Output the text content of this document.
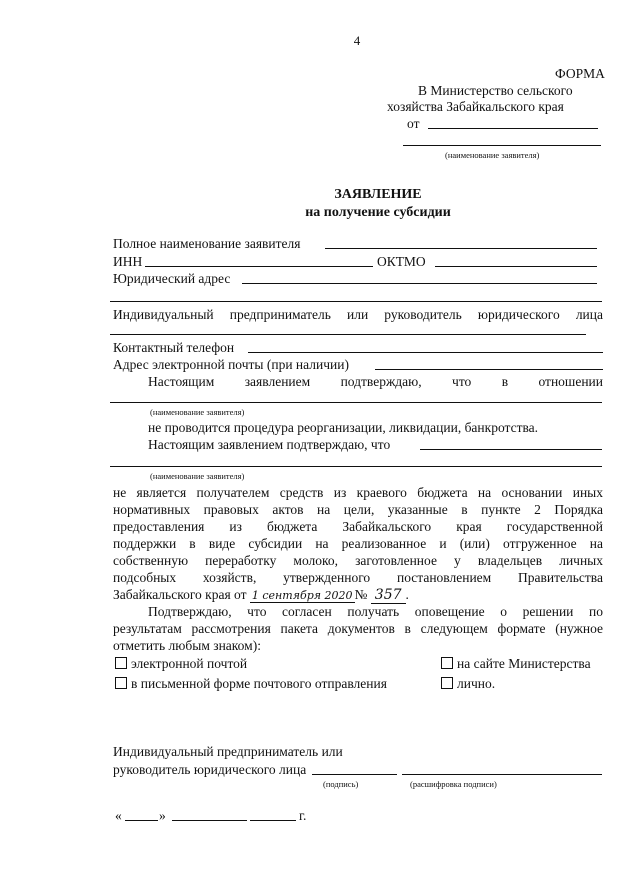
4
ФОРМА
В Министерство сельского
хозяйства Забайкальского края
от
(наименование заявителя)
ЗАЯВЛЕНИЕ
на получение субсидии
Полное наименование заявителя
ИНН	ОКТМО
Юридический адрес
Индивидуальный предприниматель или руководитель юридического лица
Контактный телефон
Адрес электронной почты (при наличии)
Настоящим заявлением подтверждаю, что в отношении
(наименование заявителя)
не проводится процедура реорганизации, ликвидации, банкротства.
Настоящим заявлением подтверждаю, что
(наименование заявителя)
не является получателем средств из краевого бюджета на основании иных
нормативных правовых актов на цели, указанные в пункте 2 Порядка
предоставления из бюджета Забайкальского края государственной
поддержки в виде субсидии на реализованное и (или) отгруженное на
собственную переработку молоко, заготовленное у владельцев личных
подсобных хозяйств, утвержденного постановлением Правительства
Забайкальского края от 1 сентября 2020 № 357 .
Подтверждаю, что согласен получать оповещение о решении по
результатам рассмотрения пакета документов в следующем формате (нужное
отметить любым знаком):
электронной почтой	на сайте Министерства
в письменной форме почтового отправления	лично.
Индивидуальный предприниматель или
руководитель юридического лица
(подпись)	(расшифровка подписи)
«	»	г.
